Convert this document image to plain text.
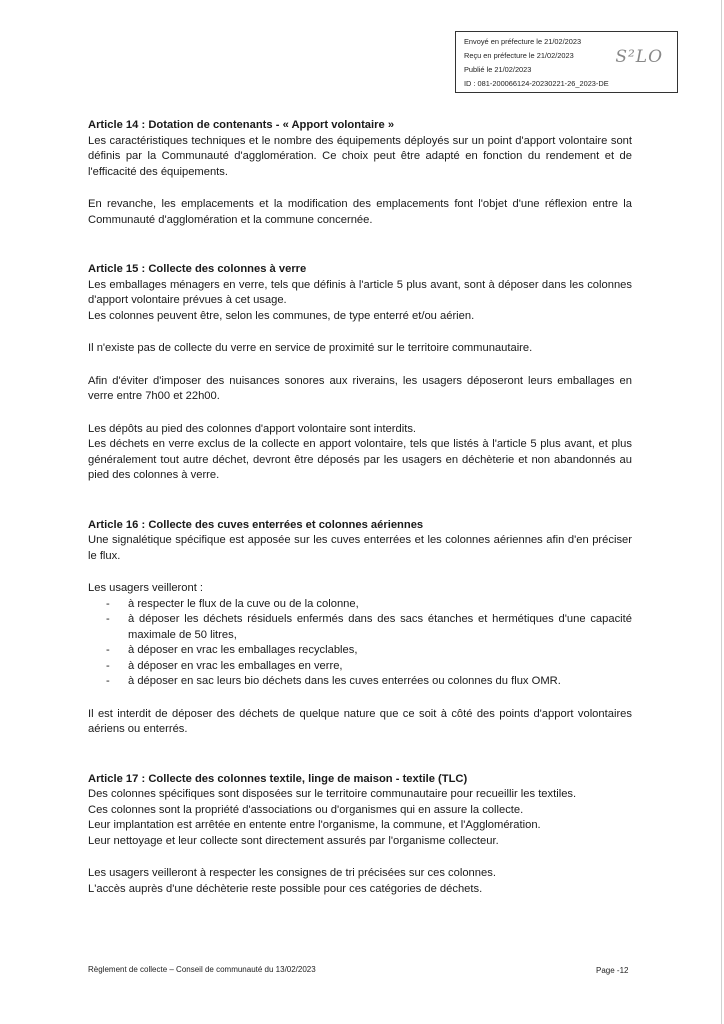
Envoyé en préfecture le 21/02/2023
Reçu en préfecture le 21/02/2023
Publié le 21/02/2023
ID : 081-200066124-20230221-26_2023-DE
S²LO

Article 14 : Dotation de contenants - « Apport volontaire »

Les caractéristiques techniques et le nombre des équipements déployés sur un point d'apport volontaire sont définis par la Communauté d'agglomération. Ce choix peut être adapté en fonction du rendement et de l'efficacité des équipements.

En revanche, les emplacements et la modification des emplacements font l'objet d'une réflexion entre la Communauté d'agglomération et la commune concernée.

Article 15 : Collecte des colonnes à verre

Les emballages ménagers en verre, tels que définis à l'article 5 plus avant, sont à déposer dans les colonnes d'apport volontaire prévues à cet usage.

Les colonnes peuvent être, selon les communes, de type enterré et/ou aérien.

Il n'existe pas de collecte du verre en service de proximité sur le territoire communautaire.

Afin d'éviter d'imposer des nuisances sonores aux riverains, les usagers déposeront leurs emballages en verre entre 7h00 et 22h00.

Les dépôts au pied des colonnes d'apport volontaire sont interdits.

Les déchets en verre exclus de la collecte en apport volontaire, tels que listés à l'article 5 plus avant, et plus généralement tout autre déchet, devront être déposés par les usagers en déchèterie et non abandonnés au pied des colonnes à verre.

Article 16 : Collecte des cuves enterrées et colonnes aériennes

Une signalétique spécifique est apposée sur les cuves enterrées et les colonnes aériennes afin d'en préciser le flux.

Les usagers veilleront :

- à respecter le flux de la cuve ou de la colonne,
- à déposer les déchets résiduels enfermés dans des sacs étanches et hermétiques d'une capacité maximale de 50 litres,
- à déposer en vrac les emballages recyclables,
- à déposer en vrac les emballages en verre,
- à déposer en sac leurs bio déchets dans les cuves enterrées ou colonnes du flux OMR.

Il est interdit de déposer des déchets de quelque nature que ce soit à côté des points d'apport volontaires aériens ou enterrés.

Article 17 : Collecte des colonnes textile, linge de maison - textile (TLC)

Des colonnes spécifiques sont disposées sur le territoire communautaire pour recueillir les textiles.

Ces colonnes sont la propriété d'associations ou d'organismes qui en assure la collecte.

Leur implantation est arrêtée en entente entre l'organisme, la commune, et l'Agglomération.

Leur nettoyage et leur collecte sont directement assurés par l'organisme collecteur.

Les usagers veilleront à respecter les consignes de tri précisées sur ces colonnes.

L'accès auprès d'une déchèterie reste possible pour ces catégories de déchets.

Règlement de collecte – Conseil de communauté du 13/02/2023	Page -12
